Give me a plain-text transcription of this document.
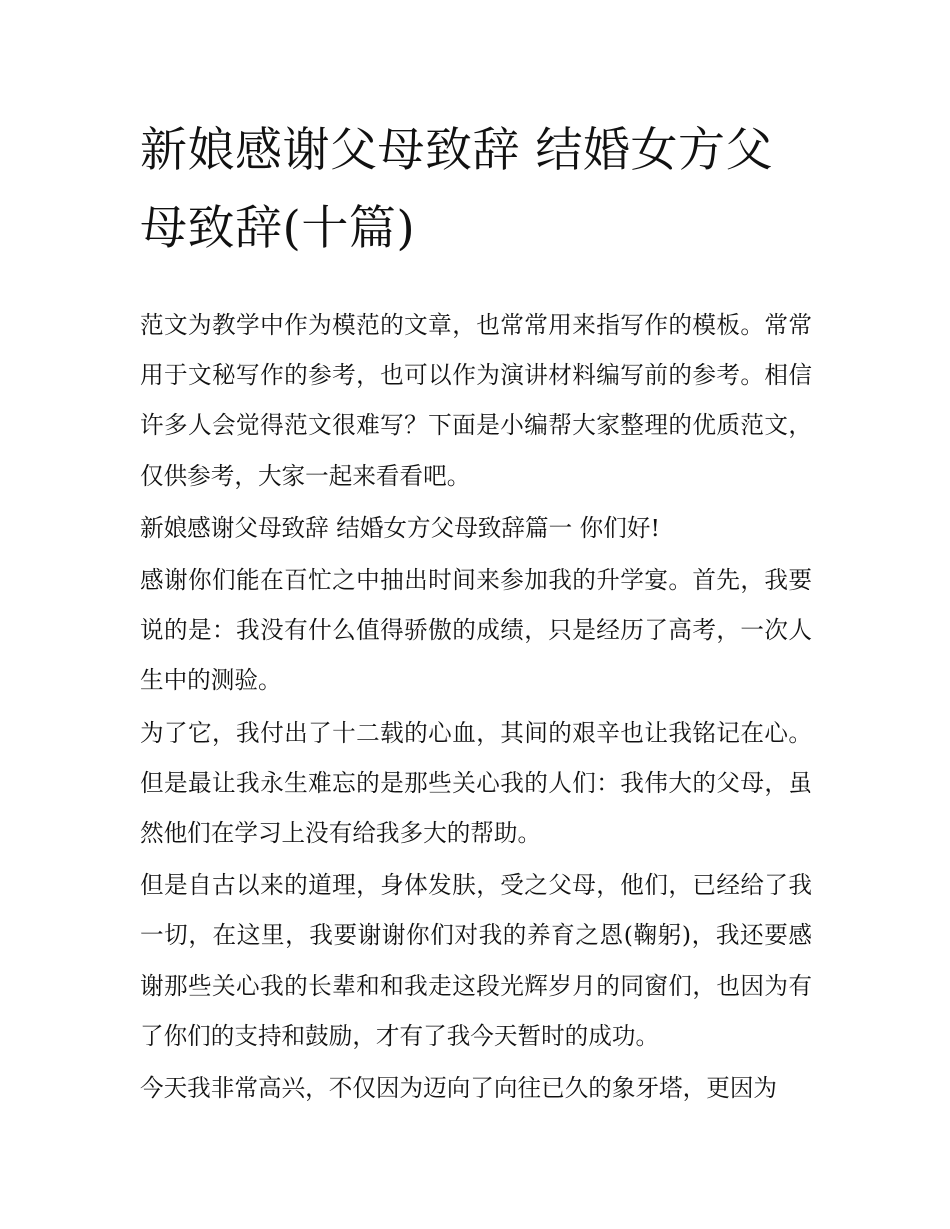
新娘感谢父母致辞 结婚女方父母致辞(十篇)

范文为教学中作为模范的文章，也常常用来指写作的模板。常常用于文秘写作的参考，也可以作为演讲材料编写前的参考。相信许多人会觉得范文很难写？下面是小编帮大家整理的优质范文，仅供参考，大家一起来看看吧。

新娘感谢父母致辞 结婚女方父母致辞篇一 你们好!

感谢你们能在百忙之中抽出时间来参加我的升学宴。首先，我要说的是：我没有什么值得骄傲的成绩，只是经历了高考，一次人生中的测验。

为了它，我付出了十二载的心血，其间的艰辛也让我铭记在心。但是最让我永生难忘的是那些关心我的人们：我伟大的父母，虽然他们在学习上没有给我多大的帮助。

但是自古以来的道理，身体发肤，受之父母，他们，已经给了我一切，在这里，我要谢谢你们对我的养育之恩(鞠躬)，我还要感谢那些关心我的长辈和和我走这段光辉岁月的同窗们，也因为有了你们的支持和鼓励，才有了我今天暂时的成功。

今天我非常高兴，不仅因为迈向了向往已久的象牙塔，更因为
